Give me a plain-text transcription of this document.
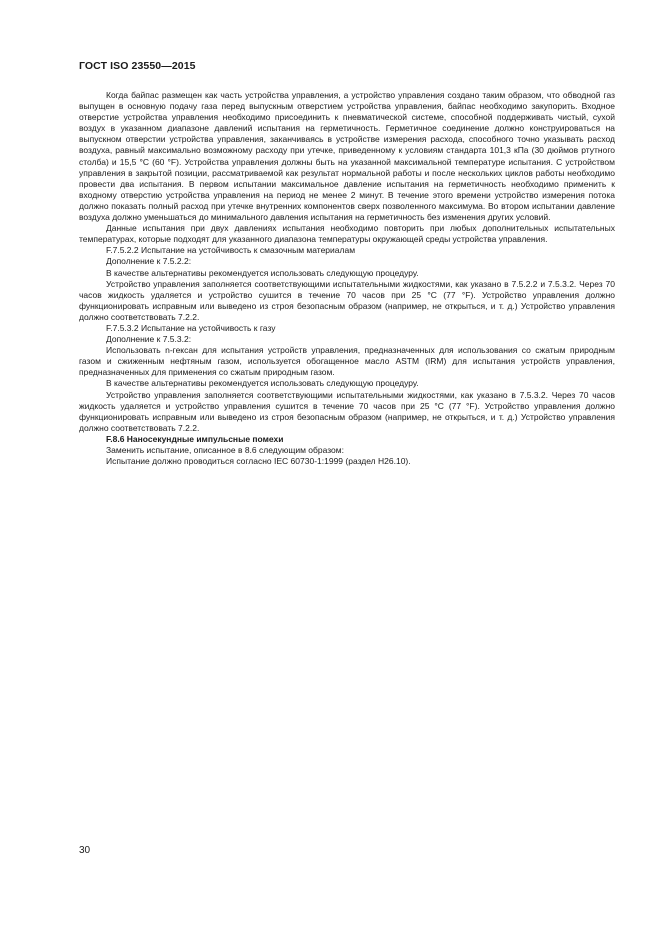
ГОСТ ISO 23550—2015

Когда байпас размещен как часть устройства управления, а устройство управления создано таким образом, что обводной газ выпущен в основную подачу газа перед выпускным отверстием устройства управления, байпас необходимо закупорить. Входное отверстие устройства управления необходимо присоединить к пневматической системе, способной поддерживать чистый, сухой воздух в указанном диапазоне давлений испытания на герметичность. Герметичное соединение должно конструироваться на выпускном отверстии устройства управления, заканчиваясь в устройстве измерения расхода, способного точно указывать расход воздуха, равный максимально возможному расходу при утечке, приведенному к условиям стандарта 101,3 кПа (30 дюймов ртутного столба) и 15,5 °C (60 °F). Устройства управления должны быть на указанной максимальной температуре испытания. С устройством управления в закрытой позиции, рассматриваемой как результат нормальной работы и после нескольких циклов работы необходимо провести два испытания. В первом испытании максимальное давление испытания на герметичность необходимо применить к входному отверстию устройства управления на период не менее 2 минут. В течение этого времени устройство измерения потока должно показать полный расход при утечке внутренних компонентов сверх позволенного максимума. Во втором испытании давление воздуха должно уменьшаться до минимального давления испытания на герметичность без изменения других условий.

Данные испытания при двух давлениях испытания необходимо повторить при любых дополнительных испытательных температурах, которые подходят для указанного диапазона температуры окружающей среды устройства управления.

F.7.5.2.2 Испытание на устойчивость к смазочным материалам

Дополнение к 7.5.2.2:

В качестве альтернативы рекомендуется использовать следующую процедуру.

Устройство управления заполняется соответствующими испытательными жидкостями, как указано в 7.5.2.2 и 7.5.3.2. Через 70 часов жидкость удаляется и устройство сушится в течение 70 часов при 25 °C (77 °F). Устройство управления должно функционировать исправным или выведено из строя безопасным образом (например, не открыться, и т. д.) Устройство управления должно соответствовать 7.2.2.

F.7.5.3.2 Испытание на устойчивость к газу

Дополнение к 7.5.3.2:

Использовать n-гексан для испытания устройств управления, предназначенных для использования со сжатым природным газом и сжиженным нефтяным газом, используется обогащенное масло ASTM (IRM) для испытания устройств управления, предназначенных для применения со сжатым природным газом.

В качестве альтернативы рекомендуется использовать следующую процедуру.

Устройство управления заполняется соответствующими испытательными жидкостями, как указано в 7.5.3.2. Через 70 часов жидкость удаляется и устройство управления сушится в течение 70 часов при 25 °C (77 °F). Устройство управления должно функционировать исправным или выведено из строя безопасным образом (например, не открыться, и т. д.) Устройство управления должно соответствовать 7.2.2.

F.8.6 Наносекундные импульсные помехи

Заменить испытание, описанное в 8.6 следующим образом:

Испытание должно проводиться согласно IEC 60730-1:1999 (раздел H26.10).

30
